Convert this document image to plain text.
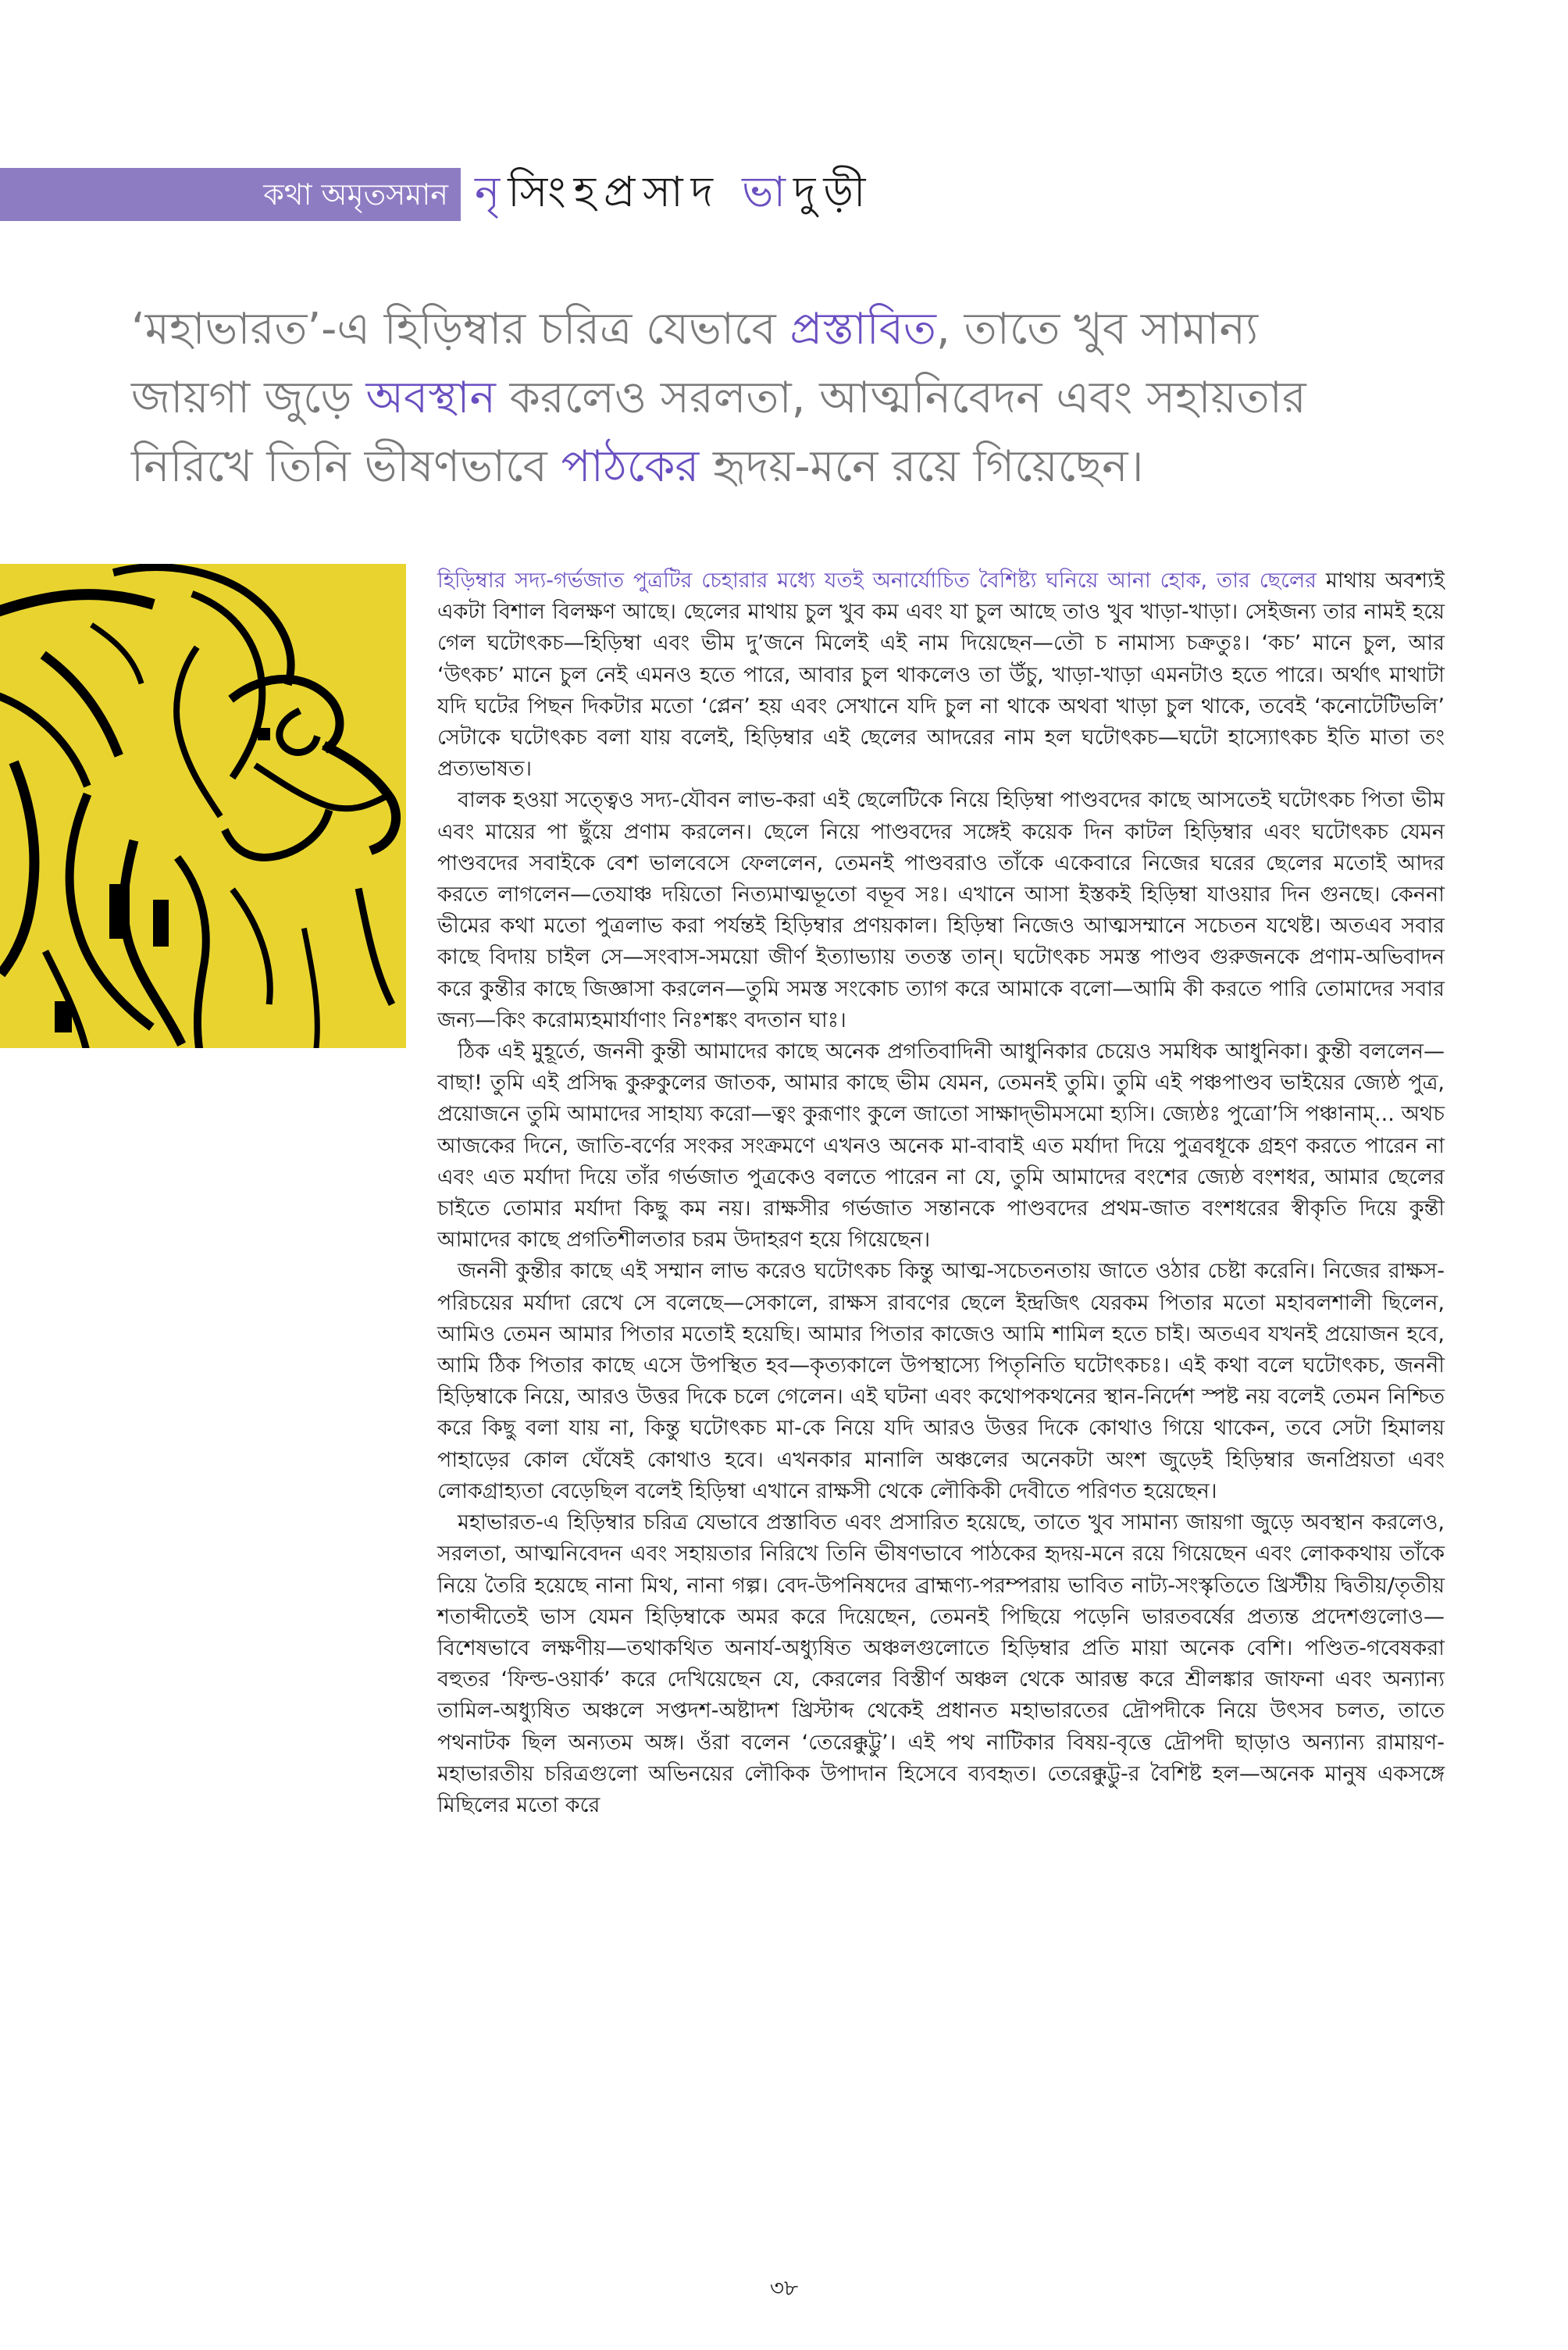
কথা অমৃতসমান নৃসিংহপ্রসাদ ভাদুড়ী
‘মহাভারত’-এ হিড়িম্বার চরিত্র যেভাবে প্রস্তাবিত, তাতে খুব সামান্য জায়গা জুড়ে অবস্থান করলেও সরলতা, আত্মনিবেদন এবং সহায়তার নিরিখে তিনি ভীষণভাবে পাঠকের হৃদয়-মনে রয়ে গিয়েছেন।

হিড়িম্বার সদ্য-গর্ভজাত পুত্রটির চেহারার মধ্যে যতই অনার্যোচিত বৈশিষ্ট্য ঘনিয়ে আনা হোক, তার ছেলের মাথায় অবশ্যই একটা বিশাল বিলক্ষণ আছে। ছেলের মাথায় চুল খুব কম এবং যা চুল আছে তাও খুব খাড়া-খাড়া। সেইজন্য তার নামই হয়ে গেল ঘটোৎকচ—হিড়িম্বা এবং ভীম দু’জনে মিলেই এই নাম দিয়েছেন—তৌ চ নামাস্য চক্রতুঃ। ‘কচ’ মানে চুল, আর ‘উৎকচ’ মানে চুল নেই এমনও হতে পারে, আবার চুল থাকলেও তা উঁচু, খাড়া-খাড়া এমনটাও হতে পারে। অর্থাৎ মাথাটা যদি ঘটের পিছন দিকটার মতো ‘প্লেন’ হয় এবং সেখানে যদি চুল না থাকে অথবা খাড়া চুল থাকে, তবেই ‘কনোটেটিভলি’ সেটাকে ঘটোৎকচ বলা যায় বলেই, হিড়িম্বার এই ছেলের আদরের নাম হল ঘটোৎকচ—ঘটো হাস্যোৎকচ ইতি মাতা তং প্রত্যভাষত।

বালক হওয়া সত্ত্বেও সদ্য-যৌবন লাভ-করা এই ছেলেটিকে নিয়ে হিড়িম্বা পাণ্ডবদের কাছে আসতেই ঘটোৎকচ পিতা ভীম এবং মায়ের পা ছুঁয়ে প্রণাম করলেন। ছেলে নিয়ে পাণ্ডবদের সঙ্গেই কয়েক দিন কাটল হিড়িম্বার এবং ঘটোৎকচ যেমন পাণ্ডবদের সবাইকে বেশ ভালবেসে ফেললেন, তেমনই পাণ্ডবরাও তাঁকে একেবারে নিজের ঘরের ছেলের মতোই আদর করতে লাগলেন—তেযাঞ্চ দয়িতো নিত্যমাত্মভূতো বভূব সঃ। এখানে আসা ইস্তকই হিড়িম্বা যাওয়ার দিন গুনছে। কেননা ভীমের কথা মতো পুত্রলাভ করা পর্যন্তই হিড়িম্বার প্রণয়কাল। হিড়িম্বা নিজেও আত্মসম্মানে সচেতন যথেষ্ট। অতএব সবার কাছে বিদায় চাইল সে—সংবাস-সময়ো জীর্ণ ইত্যাভ্যায় ততস্ত তান্‌। ঘটোৎকচ সমস্ত পাণ্ডব গুরুজনকে প্রণাম-অভিবাদন করে কুন্তীর কাছে জিজ্ঞাসা করলেন—তুমি সমস্ত সংকোচ ত্যাগ করে আমাকে বলো—আমি কী করতে পারি তোমাদের সবার জন্য—কিং করোম্যহমার্যাণাং নিঃশঙ্কং বদতান ঘাঃ।

ঠিক এই মুহূর্তে, জননী কুন্তী আমাদের কাছে অনেক প্রগতিবাদিনী আধুনিকার চেয়েও সমধিক আধুনিকা। কুন্তী বললেন—বাছা! তুমি এই প্রসিদ্ধ কুরুকুলের জাতক, আমার কাছে ভীম যেমন, তেমনই তুমি। তুমি এই পঞ্চপাণ্ডব ভাইয়ের জ্যেষ্ঠ পুত্র, প্রয়োজনে তুমি আমাদের সাহায্য করো—ত্বং কুরূণাং কুলে জাতো সাক্ষাদ্‌ভীমসমো হ্যসি। জ্যেষ্ঠঃ পুত্রো’সি পঞ্চানাম্‌... অথচ আজকের দিনে, জাতি-বর্ণের সংকর সংক্রমণে এখনও অনেক মা-বাবাই এত মর্যাদা দিয়ে পুত্রবধূকে গ্রহণ করতে পারেন না এবং এত মর্যাদা দিয়ে তাঁর গর্ভজাত পুত্রকেও বলতে পারেন না যে, তুমি আমাদের বংশের জ্যেষ্ঠ বংশধর, আমার ছেলের চাইতে তোমার মর্যাদা কিছু কম নয়। রাক্ষসীর গর্ভজাত সন্তানকে পাণ্ডবদের প্রথম-জাত বংশধরের স্বীকৃতি দিয়ে কুন্তী আমাদের কাছে প্রগতিশীলতার চরম উদাহরণ হয়ে গিয়েছেন।

জননী কুন্তীর কাছে এই সম্মান লাভ করেও ঘটোৎকচ কিন্তু আত্ম-সচেতনতায় জাতে ওঠার চেষ্টা করেনি। নিজের রাক্ষস-পরিচয়ের মর্যাদা রেখে সে বলেছে—সেকালে, রাক্ষস রাবণের ছেলে ইন্দ্রজিৎ যেরকম পিতার মতো মহাবলশালী ছিলেন, আমিও তেমন আমার পিতার মতোই হয়েছি। আমার পিতার কাজেও আমি শামিল হতে চাই। অতএব যখনই প্রয়োজন হবে, আমি ঠিক পিতার কাছে এসে উপস্থিত হব—কৃত্যকালে উপস্থাস্যে পিতৃনিতি ঘটোৎকচঃ। এই কথা বলে ঘটোৎকচ, জননী হিড়িম্বাকে নিয়ে, আরও উত্তর দিকে চলে গেলেন। এই ঘটনা এবং কথোপকথনের স্থান-নির্দেশ স্পষ্ট নয় বলেই তেমন নিশ্চিত করে কিছু বলা যায় না, কিন্তু ঘটোৎকচ মা-কে নিয়ে যদি আরও উত্তর দিকে কোথাও গিয়ে থাকেন, তবে সেটা হিমালয় পাহাড়ের কোল ঘেঁষেই কোথাও হবে। এখনকার মানালি অঞ্চলের অনেকটা অংশ জুড়েই হিড়িম্বার জনপ্রিয়তা এবং লোকগ্রাহ্যতা বেড়েছিল বলেই হিড়িম্বা এখানে রাক্ষসী থেকে লৌকিকী দেবীতে পরিণত হয়েছেন।

মহাভারত-এ হিড়িম্বার চরিত্র যেভাবে প্রস্তাবিত এবং প্রসারিত হয়েছে, তাতে খুব সামান্য জায়গা জুড়ে অবস্থান করলেও, সরলতা, আত্মনিবেদন এবং সহায়তার নিরিখে তিনি ভীষণভাবে পাঠকের হৃদয়-মনে রয়ে গিয়েছেন এবং লোককথায় তাঁকে নিয়ে তৈরি হয়েছে নানা মিথ, নানা গল্প। বেদ-উপনিষদের ব্রাহ্মণ্য-পরম্পরায় ভাবিত নাট্য-সংস্কৃতিতে খ্রিস্টীয় দ্বিতীয়/তৃতীয় শতাব্দীতেই ভাস যেমন হিড়িম্বাকে অমর করে দিয়েছেন, তেমনই পিছিয়ে পড়েনি ভারতবর্ষের প্রত্যন্ত প্রদেশগুলোও—বিশেষভাবে লক্ষণীয়—তথাকথিত অনার্য-অধ্যুষিত অঞ্চলগুলোতে হিড়িম্বার প্রতি মায়া অনেক বেশি। পণ্ডিত-গবেষকরা বহুতর ‘ফিল্ড-ওয়ার্ক’ করে দেখিয়েছেন যে, কেরলের বিস্তীর্ণ অঞ্চল থেকে আরম্ভ করে শ্রীলঙ্কার জাফনা এবং অন্যান্য তামিল-অধ্যুষিত অঞ্চলে সপ্তদশ-অষ্টাদশ খ্রিস্টাব্দ থেকেই প্রধানত মহাভারতের দ্রৌপদীকে নিয়ে উৎসব চলত, তাতে পথনাটক ছিল অন্যতম অঙ্গ। ওঁরা বলেন ‘তেরেক্কুট্টু’। এই পথ নাটিকার বিষয়-বৃত্তে দ্রৌপদী ছাড়াও অন্যান্য রামায়ণ-মহাভারতীয় চরিত্রগুলো অভিনয়ের লৌকিক উপাদান হিসেবে ব্যবহৃত। তেরেক্কুট্টু-র বৈশিষ্ট হল—অনেক মানুষ একসঙ্গে মিছিলের মতো করে

৩৮
